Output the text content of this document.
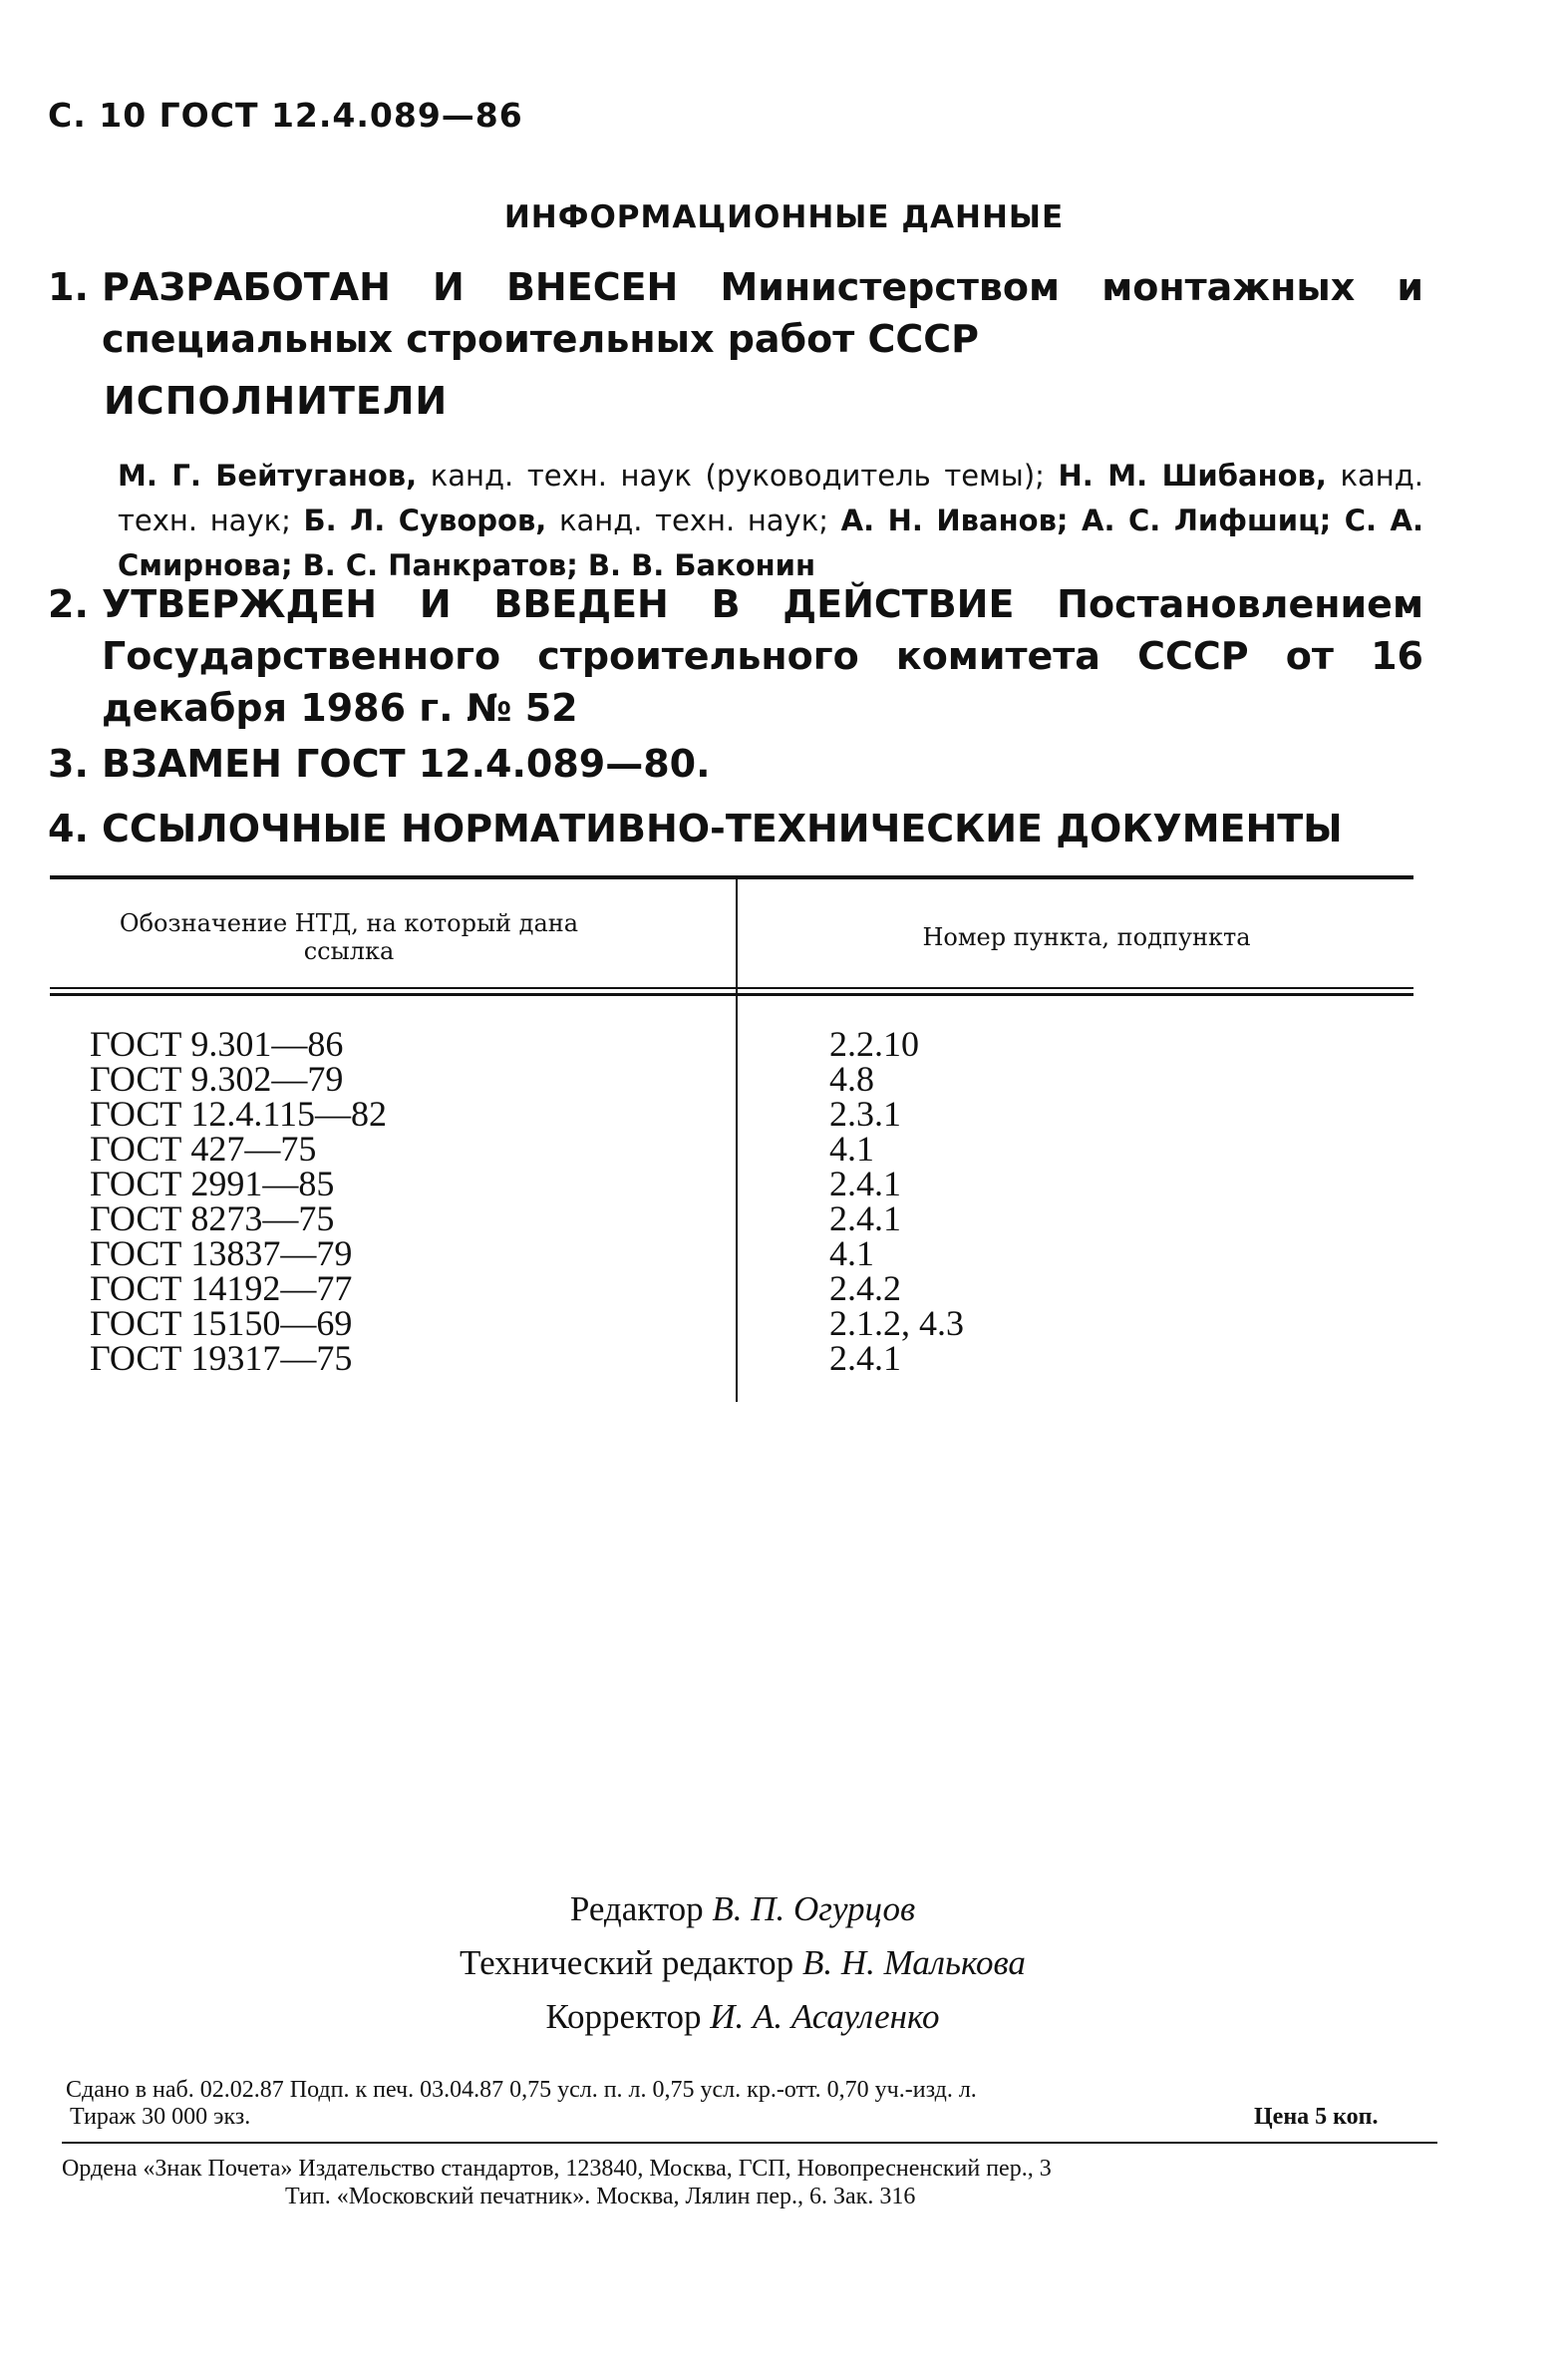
С. 10 ГОСТ 12.4.089—86
ИНФОРМАЦИОННЫЕ ДАННЫЕ
1. РАЗРАБОТАН И ВНЕСЕН Министерством монтажных и специальных строительных работ СССР
ИСПОЛНИТЕЛИ
М. Г. Бейтуганов, канд. техн. наук (руководитель темы); Н. М. Шибанов, канд. техн. наук; Б. Л. Суворов, канд. техн. наук; А. Н. Иванов; А. С. Лифшиц; С. А. Смирнова; В. С. Панкратов; В. В. Баконин
2. УТВЕРЖДЕН И ВВЕДЕН В ДЕЙСТВИЕ Постановлением Государственного строительного комитета СССР от 16 декабря 1986 г. № 52
3. ВЗАМЕН ГОСТ 12.4.089—80.
4. ССЫЛОЧНЫЕ НОРМАТИВНО-ТЕХНИЧЕСКИЕ ДОКУМЕНТЫ
Обозначение НТД, на который дана ссылка	Номер пункта, подпункта
ГОСТ 9.301—86
ГОСТ 9.302—79
ГОСТ 12.4.115—82
ГОСТ 427—75
ГОСТ 2991—85
ГОСТ 8273—75
ГОСТ 13837—79
ГОСТ 14192—77
ГОСТ 15150—69
ГОСТ 19317—75
2.2.10
4.8
2.3.1
4.1
2.4.1
2.4.1
4.1
2.4.2
2.1.2, 4.3
2.4.1
Редактор В. П. Огурцов
Технический редактор В. Н. Малькова
Корректор И. А. Асауленко
Сдано в наб. 02.02.87 Подп. к печ. 03.04.87 0,75 усл. п. л. 0,75 усл. кр.-отт. 0,70 уч.-изд. л.
Тираж 30 000 экз.	Цена 5 коп.
Ордена «Знак Почета» Издательство стандартов, 123840, Москва, ГСП, Новопресненский пер., 3
Тип. «Московский печатник». Москва, Лялин пер., 6. Зак. 316
